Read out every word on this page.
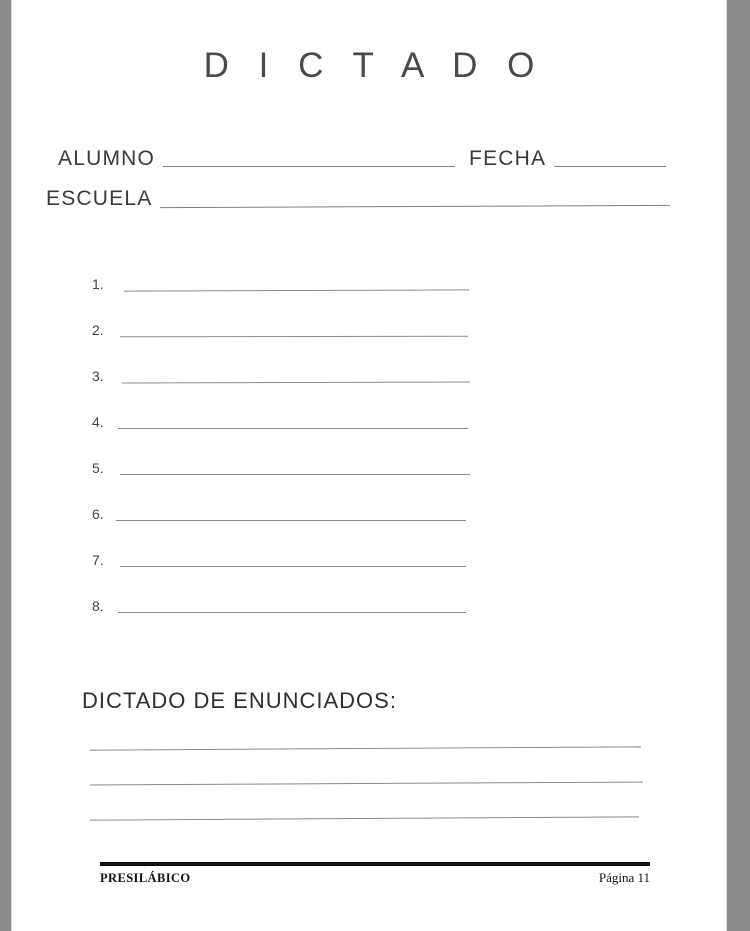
D I C T A D O
ALUMNO	FECHA
ESCUELA
1.
2.
3.
4.
5.
6.
7.
8.
DICTADO DE ENUNCIADOS:
PRESILÁBICO	Página 11
